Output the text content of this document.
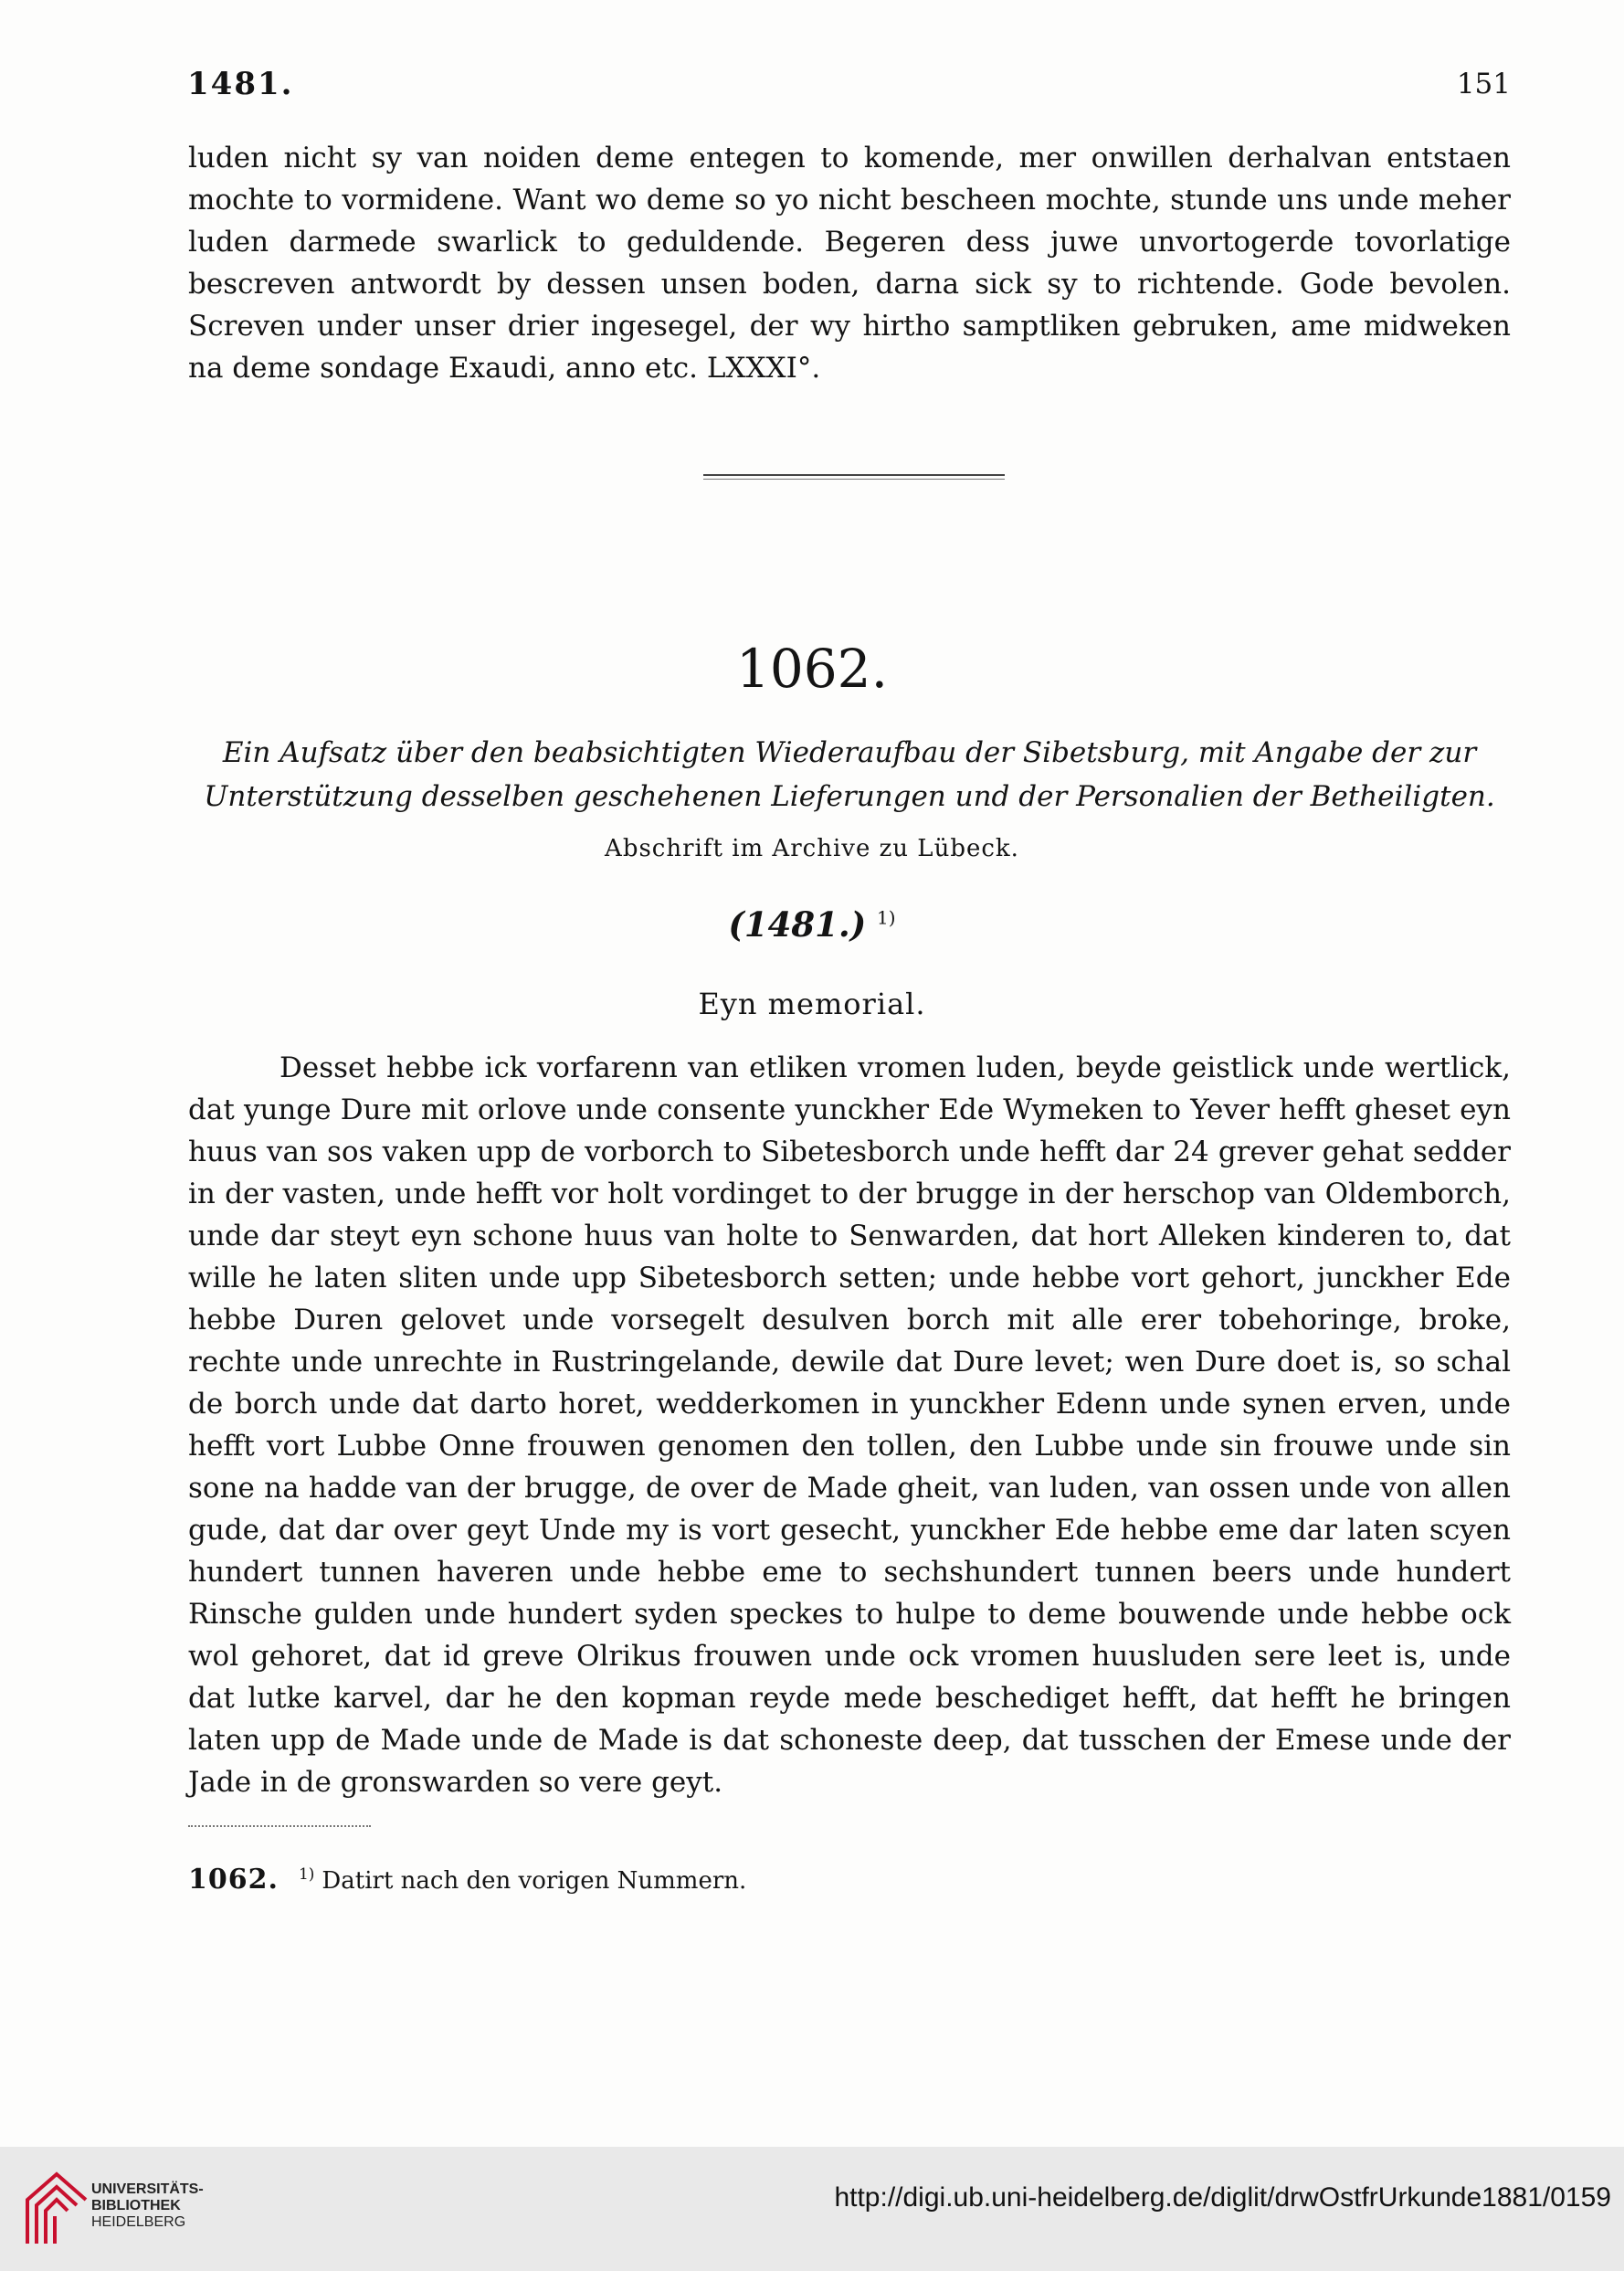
1481.	151
luden nicht sy van noiden deme entegen to komende, mer onwillen derhalvan entstaen mochte to vormidene. Want wo deme so yo nicht bescheen mochte, stunde uns unde meher luden darmede swarlick to geduldende. Begeren dess juwe unvortogerde tovorlatige bescreven antwordt by dessen unsen boden, darna sick sy to richtende. Gode bevolen. Screven under unser drier ingesegel, der wy hirtho samptliken gebruken, ame midweken na deme sondage Exaudi, anno etc. LXXXI°.
1062.
Ein Aufsatz über den beabsichtigten Wiederaufbau der Sibetsburg, mit Angabe der zur Unterstützung desselben geschehenen Lieferungen und der Personalien der Betheiligten.
Abschrift im Archive zu Lübeck.
(1481.) $^{1)}$
Eyn memorial.
Desset hebbe ick vorfarenn van etliken vromen luden, beyde geistlick unde wertlick, dat yunge Dure mit orlove unde consente yunckher Ede Wymeken to Yever hefft gheset eyn huus van sos vaken upp de vorborch to Sibetesborch unde hefft dar 24 grever gehat sedder in der vasten, unde hefft vor holt vordinget to der brugge in der herschop van Oldemborch, unde dar steyt eyn schone huus van holte to Senwarden, dat hort Alleken kinderen to, dat wille he laten sliten unde upp Sibetesborch setten; unde hebbe vort gehort, junckher Ede hebbe Duren gelovet unde vorsegelt desulven borch mit alle erer tobehoringe, broke, rechte unde unrechte in Rustringelande, dewile dat Dure levet; wen Dure doet is, so schal de borch unde dat darto horet, wedderkomen in yunckher Edenn unde synen erven, unde hefft vort Lubbe Onne frouwen genomen den tollen, den Lubbe unde sin frouwe unde sin sone na hadde van der brugge, de over de Made gheit, van luden, van ossen unde von allen gude, dat dar over geyt Unde my is vort gesecht, yunckher Ede hebbe eme dar laten scyen hundert tunnen haveren unde hebbe eme to sechshundert tunnen beers unde hundert Rinsche gulden unde hundert syden speckes to hulpe to deme bouwende unde hebbe ock wol gehoret, dat id greve Olrikus frouwen unde ock vromen huusluden sere leet is, unde dat lutke karvel, dar he den kopman reyde mede beschediget hefft, dat hefft he bringen laten upp de Made unde de Made is dat schoneste deep, dat tusschen der Emese unde der Jade in de gronswarden so vere geyt.
1062. $^{1)}$ Datirt nach den vorigen Nummern.
UNIVERSITÄTS-
BIBLIOTHEK
HEIDELBERG
http://digi.ub.uni-heidelberg.de/diglit/drwOstfrUrkunde1881/0159
